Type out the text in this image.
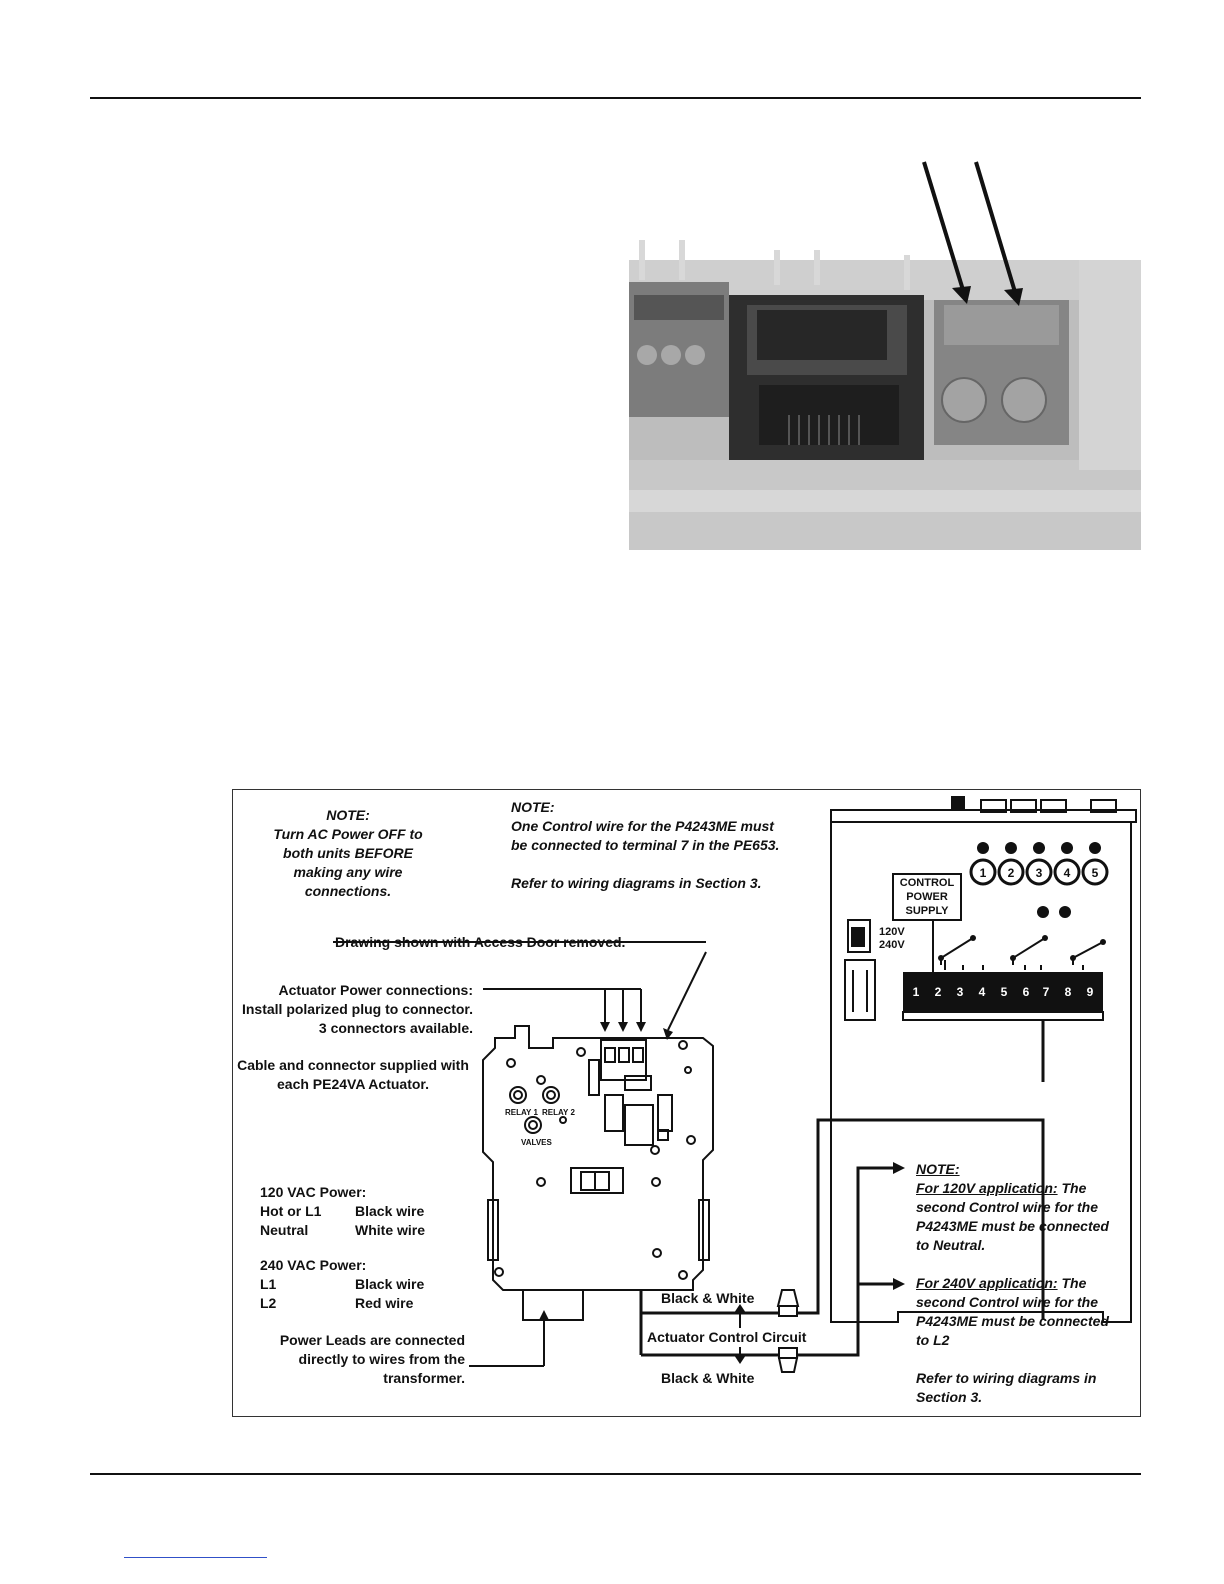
RELAY 1 RELAY 2
VALVES
CONTROL
POWER
SUPPLY
120V
240V
1	2	3	4	5
1	2	3	4	5	6	7	8	9
NOTE:
Turn AC Power OFF to
both units BEFORE
making any wire
connections.
NOTE:
One Control wire for the P4243ME must
be connected to terminal 7 in the PE653.
Refer to wiring diagrams in Section 3.
Drawing shown with Access Door removed.
Actuator Power connections:
Install polarized plug to connector.
3 connectors available.
Cable and connector supplied with
each PE24VA Actuator.
120 VAC Power:
Hot or L1	Black wire
Neutral	White wire
240 VAC Power:
L1	Black wire
L2	Red wire
Power Leads are connected
directly to wires from the
transformer.
Black & White
Actuator Control Circuit
Black & White
NOTE:
For 120V application: The second Control wire for the P4243ME must be connected to Neutral.
For 240V application: The second Control wire for the P4243ME must be connected to L2
Refer to wiring diagrams in Section 3.
